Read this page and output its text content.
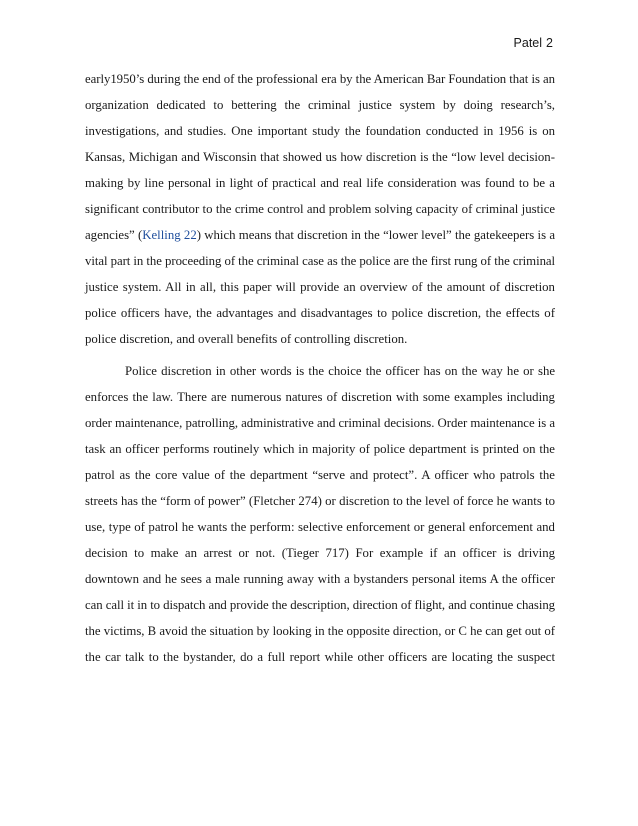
Patel 2
early1950’s during the end of the professional era by the American Bar Foundation that is an
organization dedicated to bettering the criminal justice system by doing research’s,
investigations, and studies. One important study the foundation conducted in 1956 is on
Kansas, Michigan and Wisconsin that showed us how discretion is the “low level decision-
making by line personal in light of practical and real life consideration was found to be a
significant contributor to the crime control and problem solving capacity of criminal justice
agencies” (Kelling 22) which means that discretion in the “lower level” the gatekeepers is a
vital part in the proceeding of the criminal case as the police are the first rung of the criminal
justice system. All in all, this paper will provide an overview of the amount of discretion
police officers have, the advantages and disadvantages to police discretion, the effects of
police discretion, and overall benefits of controlling discretion.
Police discretion in other words is the choice the officer has on the way he or she
enforces the law. There are numerous natures of discretion with some examples including
order maintenance, patrolling, administrative and criminal decisions. Order maintenance is a
task an officer performs routinely which in majority of police department is printed on the
patrol as the core value of the department “serve and protect”. A officer who patrols the
streets has the “form of power” (Fletcher 274) or discretion to the level of force he wants to
use, type of patrol he wants the perform: selective enforcement or general enforcement and
decision to make an arrest or not. (Tieger 717) For example if an officer is driving
downtown and he sees a male running away with a bystanders personal items A the officer
can call it in to dispatch and provide the description, direction of flight, and continue chasing
the victims, B avoid the situation by looking in the opposite direction, or C he can get out of
the car talk to the bystander, do a full report while other officers are locating the suspect
